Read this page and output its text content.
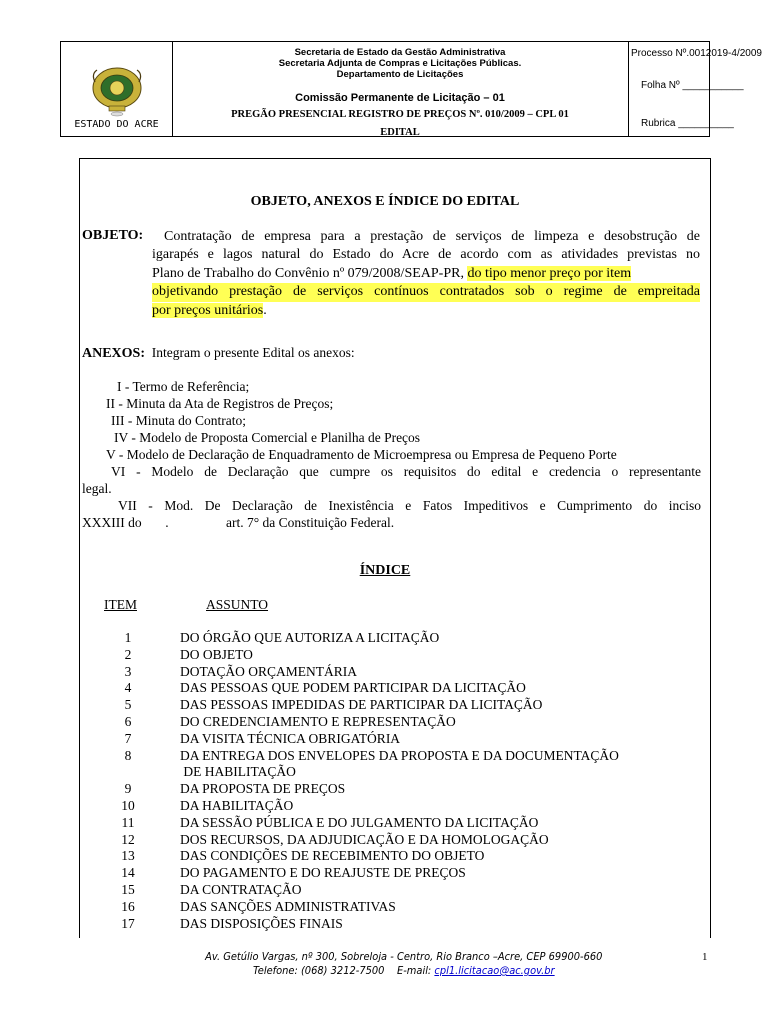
ESTADO DO ACRE
Secretaria de Estado da Gestão Administrativa
Secretaria Adjunta de Compras e Licitações Públicas.
Departamento de Licitações
Comissão Permanente de Licitação – 01
PREGÃO PRESENCIAL REGISTRO DE PREÇOS Nº. 010/2009 – CPL 01
EDITAL
Processo Nº.0012019-4/2009
Folha Nº ___________
Rubrica __________
OBJETO, ANEXOS E ÍNDICE DO EDITAL
OBJETO: Contratação de empresa para a prestação de serviços de limpeza e desobstrução de
igarapés e lagos natural do Estado do Acre de acordo com as atividades previstas no
Plano de Trabalho do Convênio nº 079/2008/SEAP-PR, do tipo menor preço por item
objetivando prestação de serviços contínuos contratados sob o regime de empreitada
por preços unitários.
ANEXOS: Integram o presente Edital os anexos:
I - Termo de Referência;
II - Minuta da Ata de Registros de Preços;
III - Minuta do Contrato;
IV - Modelo de Proposta Comercial e Planilha de Preços
V - Modelo de Declaração de Enquadramento de Microempresa ou Empresa de Pequeno Porte
VI - Modelo de Declaração que cumpre os requisitos do edital e credencia o representante
legal.
VII - Mod. De Declaração de Inexistência e Fatos Impeditivos e Cumprimento do inciso
XXXIII do       .                 art. 7° da Constituição Federal.
ÍNDICE
ITEM	ASSUNTO
1	DO ÓRGÃO QUE AUTORIZA A LICITAÇÃO
2	DO OBJETO
3	DOTAÇÃO ORÇAMENTÁRIA
4	DAS PESSOAS QUE PODEM PARTICIPAR DA LICITAÇÃO
5	DAS PESSOAS IMPEDIDAS DE PARTICIPAR DA LICITAÇÃO
6	DO CREDENCIAMENTO E REPRESENTAÇÃO
7	DA VISITA TÉCNICA OBRIGATÓRIA
8	DA ENTREGA DOS ENVELOPES DA PROPOSTA E DA DOCUMENTAÇÃO
DE HABILITAÇÃO
9	DA PROPOSTA DE PREÇOS
10	DA HABILITAÇÃO
11	DA SESSÃO PÚBLICA E DO JULGAMENTO DA LICITAÇÃO
12	DOS RECURSOS, DA ADJUDICAÇÃO E DA HOMOLOGAÇÃO
13	DAS CONDIÇÕES DE RECEBIMENTO DO OBJETO
14	DO PAGAMENTO E DO REAJUSTE DE PREÇOS
15	DA CONTRATAÇÃO
16	DAS SANÇÕES ADMINISTRATIVAS
17	DAS DISPOSIÇÕES FINAIS
Av. Getúlio Vargas, nº 300, Sobreloja - Centro, Rio Branco –Acre, CEP 69900-660
Telefone: (068) 3212-7500    E-mail: cpl1.licitacao@ac.gov.br
1
